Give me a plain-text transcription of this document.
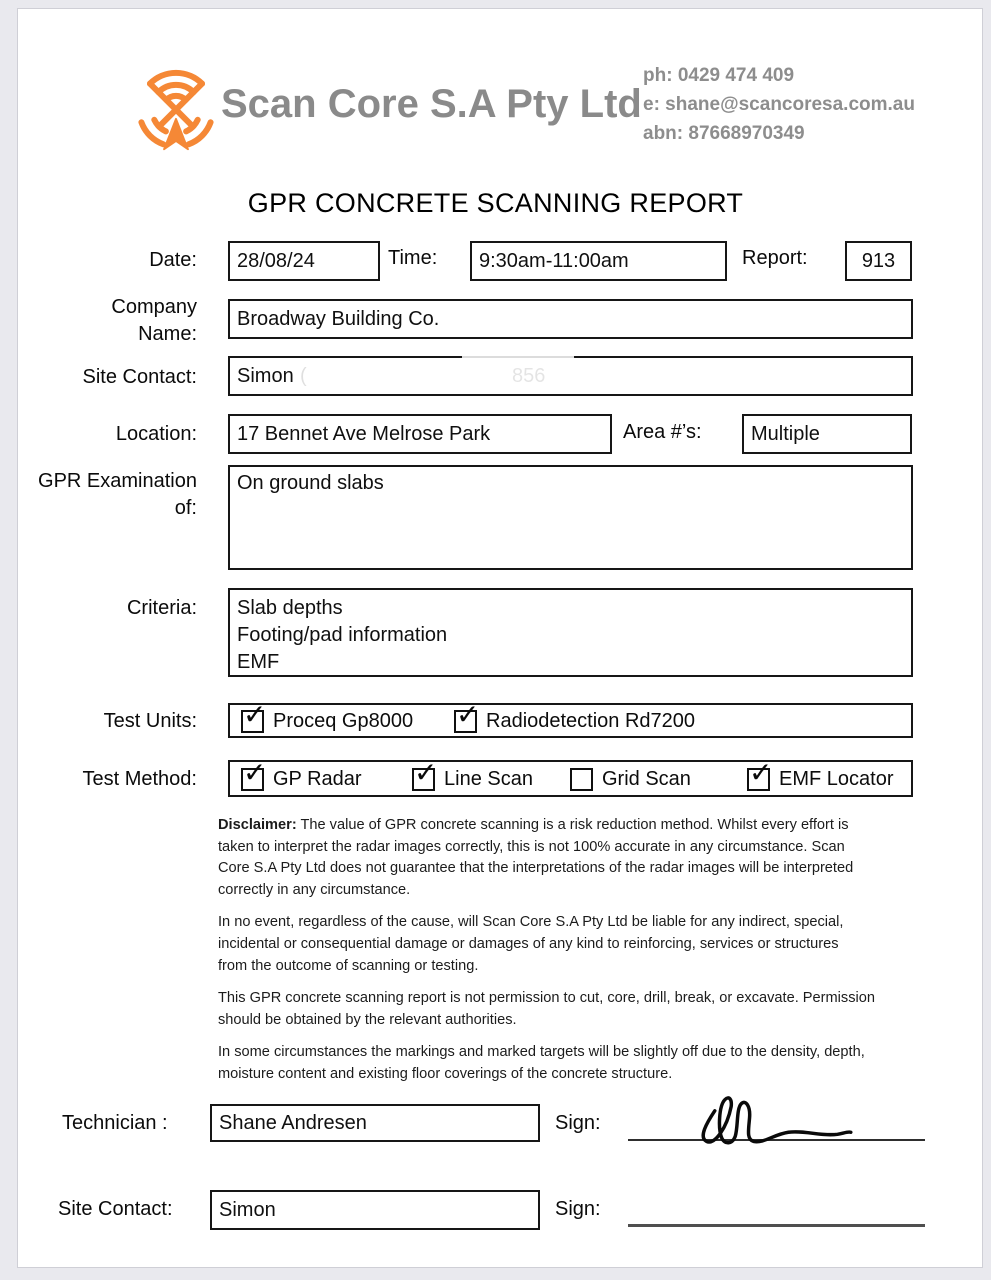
Scan Core S.A Pty Ltd
ph: 0429 474 409
e: shane@scancoresa.com.au
abn: 87668970349
GPR CONCRETE SCANNING REPORT
Date:	28/08/24	Time:	9:30am-11:00am	Report:	913
Company Name:
Broadway Building Co.
Site Contact:	Simon (	856
Location:	17 Bennet Ave Melrose Park	Area #’s:	Multiple
GPR Examination of:
On ground slabs
Criteria: Slab depths
Footing/pad information
EMF
Test Units: ✓ Proceq Gp8000 ✓ Radiodetection Rd7200
Test Method: ✓ GP Radar ✓ Line Scan	Grid Scan ✓ EMF Locator
Disclaimer: The value of GPR concrete scanning is a risk reduction method. Whilst every effort is
taken to interpret the radar images correctly, this is not 100% accurate in any circumstance. Scan
Core S.A Pty Ltd does not guarantee that the interpretations of the radar images will be interpreted
correctly in any circumstance.
In no event, regardless of the cause, will Scan Core S.A Pty Ltd be liable for any indirect, special,
incidental or consequential damage or damages of any kind to reinforcing, services or structures
from the outcome of scanning or testing.
This GPR concrete scanning report is not permission to cut, core, drill, break, or excavate. Permission
should be obtained by the relevant authorities.
In some circumstances the markings and marked targets will be slightly off due to the density, depth,
moisture content and existing floor coverings of the concrete structure.
Technician :	Shane Andresen	Sign:
Site Contact:	Simon	Sign:
